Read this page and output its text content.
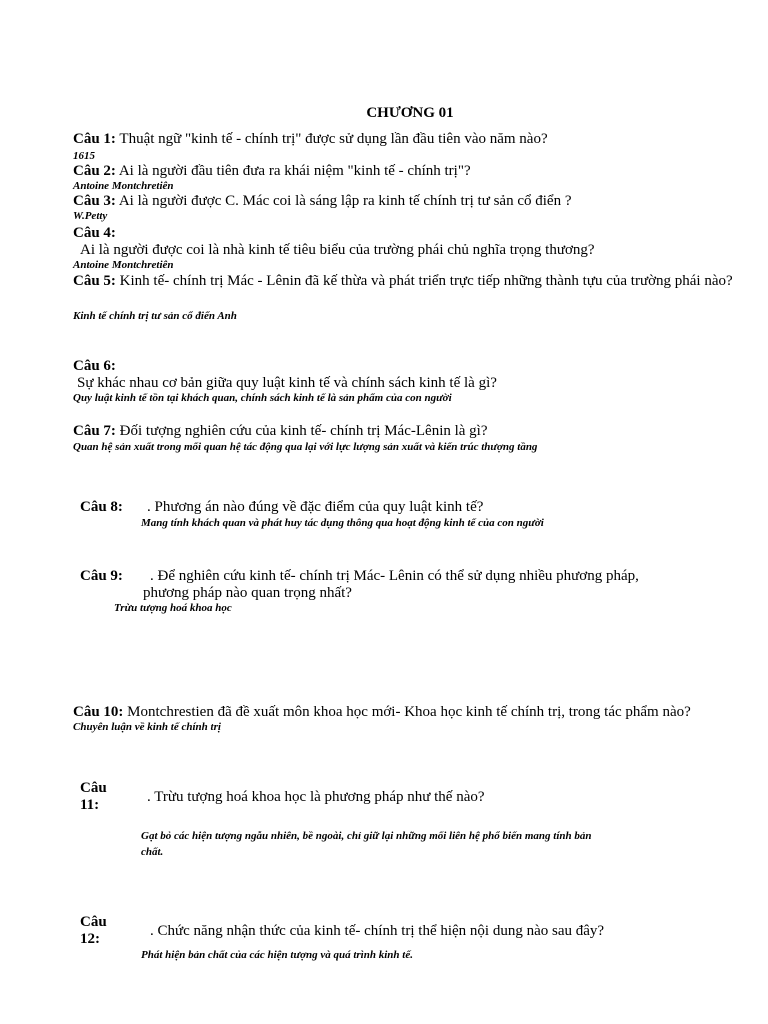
CHƯƠNG 01
Câu 1: Thuật ngữ "kinh tế - chính trị" được sử dụng lần đầu tiên vào năm nào?
1615
Câu 2: Ai là người đầu tiên đưa ra khái niệm "kinh tế - chính trị"?
Antoine Montchretiên
Câu 3: Ai là người được C. Mác coi là sáng lập ra kinh tế chính trị tư sản cổ điển ?
W.Petty
Câu 4:
Ai là người được coi là nhà kinh tế tiêu biểu của trường phái chủ nghĩa trọng thương?
Antoine Montchretiên
Câu 5: Kinh tế- chính trị Mác - Lênin đã kế thừa và phát triển trực tiếp những thành tựu của trường phái nào?
Kinh tế chính trị tư sản cổ điển Anh
Câu 6:
Sự khác nhau cơ bản giữa quy luật kinh tế và chính sách kinh tế là gì?
Quy luật kinh tế tồn tại khách quan, chính sách kinh tế là sản phẩm của con người
Câu 7: Đối tượng nghiên cứu của kinh tế- chính trị Mác-Lênin là gì?
Quan hệ sản xuất trong mối quan hệ tác động qua lại với lực lượng sản xuất và kiến trúc thượng tầng
Câu 8: . Phương án nào đúng về đặc điểm của quy luật kinh tế?
Mang tính khách quan và phát huy tác dụng thông qua hoạt động kinh tế của con người
Câu 9: . Để nghiên cứu kinh tế- chính trị Mác- Lênin có thể sử dụng nhiều phương pháp,
phương pháp nào quan trọng nhất?
Trừu tượng hoá khoa học
Câu 10: Montchrestien đã đề xuất môn khoa học mới- Khoa học kinh tế chính trị, trong tác phẩm nào?
Chuyên luận về kinh tế chính trị
Câu
11:	. Trừu tượng hoá khoa học là phương pháp như thế nào?
Gạt bỏ các hiện tượng ngẫu nhiên, bề ngoài, chỉ giữ lại những mối liên hệ phổ biến mang tính bản
chất.
Câu
12:	. Chức năng nhận thức của kinh tế- chính trị thể hiện nội dung nào sau đây?
Phát hiện bản chất của các hiện tượng và quá trình kinh tế.
